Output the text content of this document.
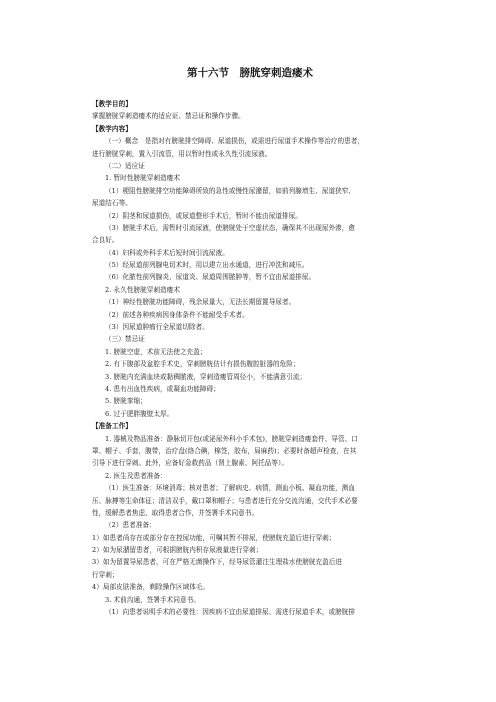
第十六节　膀胱穿刺造瘘术
【教学目的】
掌握膀胱穿刺造瘘术的适应证、禁忌证和操作步骤。
【教学内容】
（一）概念　是指对有膀胱排空障碍、尿道损伤，或需进行尿道手术操作等治疗的患者，
进行膀胱穿刺，置入引流管，用以暂时性或永久性引流尿液。
（二）适应证
1. 暂时性膀胱穿刺造瘘术
（1）梗阻性膀胱排空功能障碍所致的急性或慢性尿潴留，如前列腺增生、尿道狭窄、
尿道结石等。
（2）阴茎和尿道损伤，或尿道整形手术后，暂时不能由尿道排尿。
（3）膀胱手术后，需暂时引流尿液，使膀胱处于空虚状态，确保其不出现尿外渗，愈
合良好。
（4）妇科或外科手术后短时间引流尿液。
（5）经尿道前列腺电切术时，用以建立出水通道，进行冲洗和减压。
（6）化脓性前列腺炎、尿道炎、尿道周围脓肿等，暂不宜由尿道排尿。
2. 永久性膀胱穿刺造瘘术
（1）神经性膀胱功能障碍，残余尿量大，无法长期留置导尿者。
（2）前述各种疾病因身体条件不能耐受手术者。
（3）因尿道肿瘤行全尿道切除者。
（三）禁忌证
1. 膀胱空虚，术前无法使之充盈；
2. 有下腹部及盆腔手术史，穿刺膀胱估计有损伤腹腔脏器的危险；
3. 膀胱内充满血块或黏稠脓液，穿刺造瘘管周径小，不能满意引流；
4. 患有出血性疾病，或凝血功能障碍；
5. 膀胱挛缩；
6. 过于肥胖腹壁太厚。
【准备工作】
1. 器械及物品准备：静脉切开包(或泌尿外科小手术包)，膀胱穿刺造瘘套件、导管、口
罩、帽子、手套，腹带，治疗盘(络合碘，棉签，胶布，局麻药)；必要时备超声检查，在其
引导下进行穿刺。此外，应备好急救药品（肾上腺素、阿托品等）。
2. 医生及患者准备：
（1）医生准备：环境消毒；核对患者；了解病史、病情，测血小板、凝血功能，测血
压、脉搏等生命体征；清洁双手，戴口罩和帽子；与患者进行充分交流沟通，交代手术必要
性，缓解患者焦虑，取得患者合作，并签署手术同意书。
（2）患者准备：
1）如患者尚存在或部分存在控尿功能，可嘱其暂不排尿，使膀胱充盈后进行穿刺；
2）如为尿潴留患者，可根据膀胱内积存尿液量进行穿刺；
3）如为留置导尿患者，可在严格无菌操作下，经导尿管灌注生理盐水使膀胱充盈后进
行穿刺；
4）局部皮肤准备，剃除操作区域体毛。
3. 术前沟通，签署手术同意书。
（1）向患者说明手术的必要性：因疾病不宜由尿道排尿、需进行尿道手术，或膀胱排
